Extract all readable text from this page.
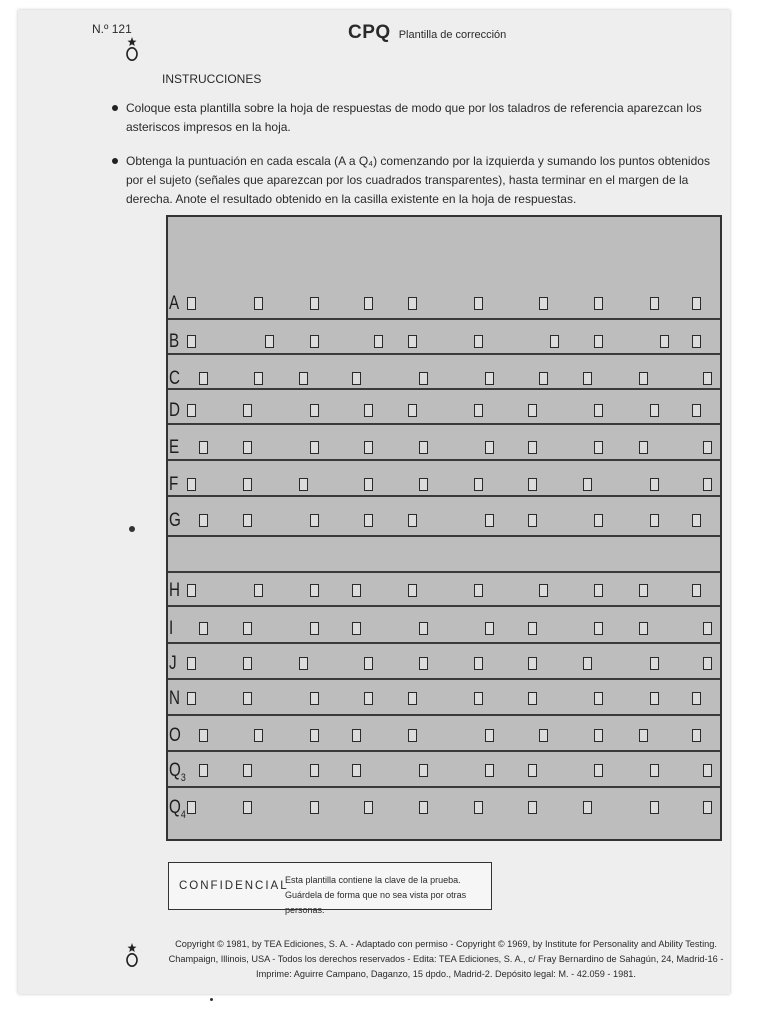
N.º 121	CPQ Plantilla de corrección
INSTRUCCIONES
Coloque esta plantilla sobre la hoja de respuestas de modo que por los taladros de referencia aparezcan los asteriscos impresos en la hoja.
Obtenga la puntuación en cada escala (A a Q₄) comenzando por la izquierda y sumando los puntos obtenidos por el sujeto (señales que aparezcan por los cuadrados transparentes), hasta terminar en el margen de la derecha. Anote el resultado obtenido en la casilla existente en la hoja de respuestas.
A
B
C
D
E
F
G
H
I
J
N
O
$Q_3$
$Q_4$
CONFIDENCIAL
Esta plantilla contiene la clave de la prueba. Guárdela de forma que no sea vista por otras personas.
Copyright © 1981, by TEA Ediciones, S. A. - Adaptado con permiso - Copyright © 1969, by Institute for Personality and Ability Testing. Champaign, Illinois, USA - Todos los derechos reservados - Edita: TEA Ediciones, S. A., c/ Fray Bernardino de Sahagún, 24, Madrid-16 - Imprime: Aguirre Campano, Daganzo, 15 dpdo., Madrid-2. Depósito legal: M. - 42.059 - 1981.
